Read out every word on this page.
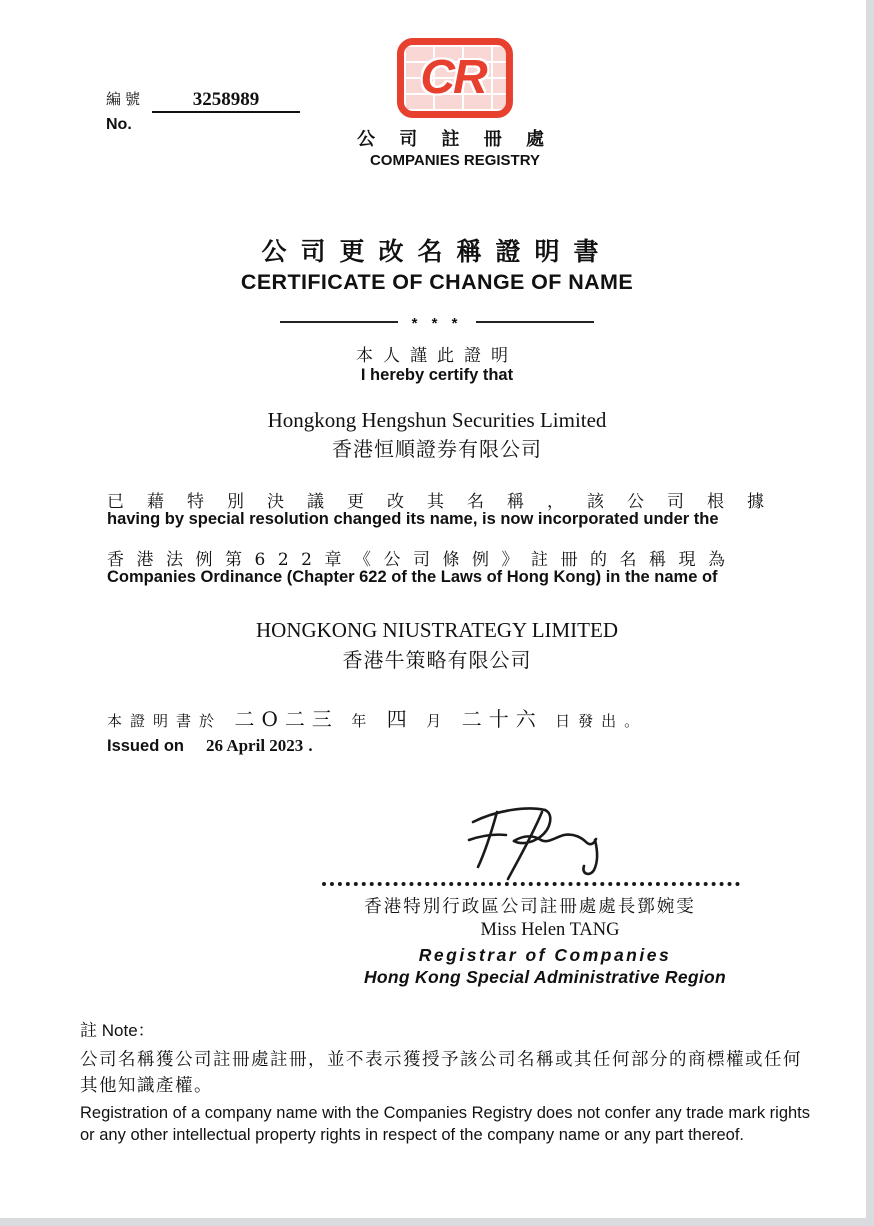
編號	3258989
No.
CR
公 司 註 冊 處
COMPANIES REGISTRY
公司更改名稱證明書
CERTIFICATE OF CHANGE OF NAME
* * *
本人謹此證明
I hereby certify that
Hongkong Hengshun Securities Limited
香港恒順證券有限公司
已藉特別決議更改其名稱，該公司根據
having by special resolution changed its name, is now incorporated under the
香港法例第622章《公司條例》註冊的名稱現為
Companies Ordinance (Chapter 622 of the Laws of Hong Kong) in the name of
HONGKONG NIUSTRATEGY LIMITED
香港牛策略有限公司
本證明書於 二O二三 年 四 月 二十六 日發出。
Issued on 26 April 2023 .
香港特別行政區公司註冊處處長鄧婉雯
Miss Helen TANG
Registrar of Companies
Hong Kong Special Administrative Region
註 Note：
公司名稱獲公司註冊處註冊，並不表示獲授予該公司名稱或其任何部分的商標權或任何其他知識產權。
Registration of a company name with the Companies Registry does not confer any trade mark rights or any other intellectual property rights in respect of the company name or any part thereof.
